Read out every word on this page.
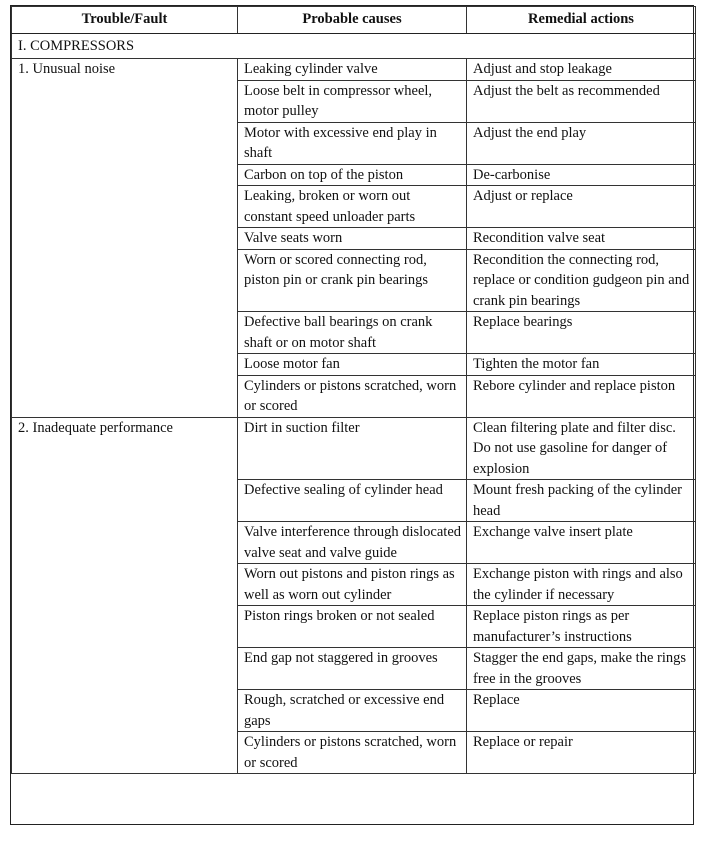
Trouble/Fault	Probable causes	Remedial actions
I. COMPRESSORS		
1. Unusual noise	Leaking cylinder valve	Adjust and stop leakage
	Loose belt in compressor wheel, motor pulley	Adjust the belt as recommended
	Motor with excessive end play in shaft	Adjust the end play
	Carbon on top of the piston	De-carbonise
	Leaking, broken or worn out constant speed unloader parts	Adjust or replace
	Valve seats worn	Recondition valve seat
	Worn or scored connecting rod, piston pin or crank pin bearings	Recondition the connecting rod, replace or condition gudgeon pin and crank pin bearings
	Defective ball bearings on crank shaft or on motor shaft	Replace bearings
	Loose motor fan	Tighten the motor fan
	Cylinders or pistons scratched, worn or scored	Rebore cylinder and replace piston
2. Inadequate performance	Dirt in suction filter	Clean filtering plate and filter disc. Do not use gasoline for danger of explosion
	Defective sealing of cylinder head	Mount fresh packing of the cylinder head
	Valve interference through dislocated valve seat and valve guide	Exchange valve insert plate
	Worn out pistons and piston rings as well as worn out cylinder	Exchange piston with rings and also the cylinder if necessary
	Piston rings broken or not sealed	Replace piston rings as per manufacturer’s instructions
	End gap not staggered in grooves	Stagger the end gaps, make the rings free in the grooves
	Rough, scratched or excessive end gaps	Replace
	Cylinders or pistons scratched, worn or scored	Replace or repair
